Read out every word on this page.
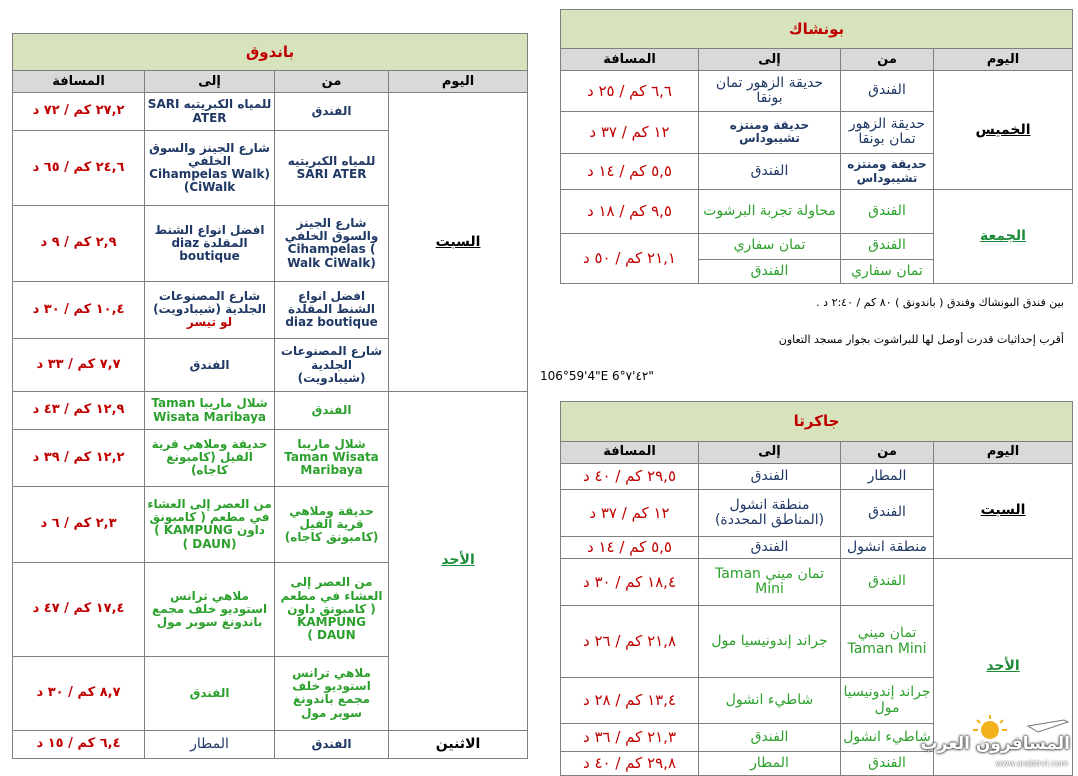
باندوق			
اليوم	من	إلى	المسافة
السبت	الفندق	للمياه الكبريتيه SARI ATER	٢٧,٢ كم / ٧٢ د
	للمياه الكبريتيه SARI ATER	شارع الجينز والسوق الخلفي (Cihampelas Walk CiWalk)	٢٤,٦ كم / ٦٥ د
	شارع الجينز والسوق الخلفي Cihampelas ( Walk CiWalk)	افضل انواع الشنط المقلدة diaz boutique	٢,٩ كم / ٩ د
	افضل انواع الشنط المقلدة diaz boutique	شارع المصنوعات الجلدية (شيبادويت) لو تيسر	١٠,٤ كم / ٣٠ د
	شارع المصنوعات الجلدية (شيبادويت)	الفندق	٧,٧ كم / ٣٣ د
الأحد	الفندق	شلال ماريبا Taman Wisata Maribaya	١٢,٩ كم / ٤٣ د
	شلال ماريبا Taman Wisata Maribaya	حديقة وملاهي قرية الفيل (كامبونغ كاجاه)	١٢,٢ كم / ٣٩ د
	حديقة وملاهي قرية الفيل (كامبونق كاجاه)	من العصر إلى العشاء في مطعم ( كامبونق داون KAMPUNG ) (DAUN )	٢,٣ كم / ٦ د
	من العصر إلى العشاء في مطعم ( كامبونق داون KAMPUNG DAUN )	ملاهي ترانس استوديو خلف مجمع باندونغ سوبر مول	١٧,٤ كم / ٤٧ د
	ملاهي ترانس استوديو خلف مجمع باندونغ سوبر مول	الفندق	٨,٧ كم / ٣٠ د
الاثنين	الفندق	المطار	٦,٤ كم / ١٥ د
بونشاك			
اليوم	من	إلى	المسافة
الخميس	الفندق	حديقة الزهور تمان بونقا	٦,٦ كم / ٢٥ د
	حديقة الزهور تمان بونقا	حديقة ومنتزه تشيبوداس	١٢ كم / ٣٧ د
	حديقة ومنتزه تشيبوداس	الفندق	٥,٥ كم / ١٤ د
الجمعة	الفندق	محاولة تجربة البرشوت	٩,٥ كم / ١٨ د
	الفندق	تمان سفاري	٢١,١ كم / ٥٠ د
	تمان سفاري	الفندق	
بين فندق البونشاك وفندق ( باندونق ) ٨٠ كم / ٢:٤٠ د .
أقرب إحداثيات قدرت أوصل لها للبراشوت بجوار مسجد التعاون
106°59'4"E 6°٤٢'٧"
جاكرتا			
اليوم	من	إلى	المسافة
السبت	المطار	الفندق	٢٩,٥ كم / ٤٠ د
	الفندق	منطقة انشول (المناطق المحددة)	١٢ كم / ٣٧ د
	منطقة انشول	الفندق	٥,٥ كم / ١٤ د
الأحد	الفندق	تمان ميني Taman Mini	١٨,٤ كم / ٣٠ د
	تمان ميني Taman Mini	جراند إندونيسيا مول	٢١,٨ كم / ٢٦ د
	جراند إندونيسيا مول	شاطيء انشول	١٣,٤ كم / ٢٨ د
	شاطيء انشول	الفندق	٢١,٣ كم / ٣٦ د
	الفندق	المطار	٢٩,٨ كم / ٤٠ د
المسافرون العرب
www.arabtrvl.com
